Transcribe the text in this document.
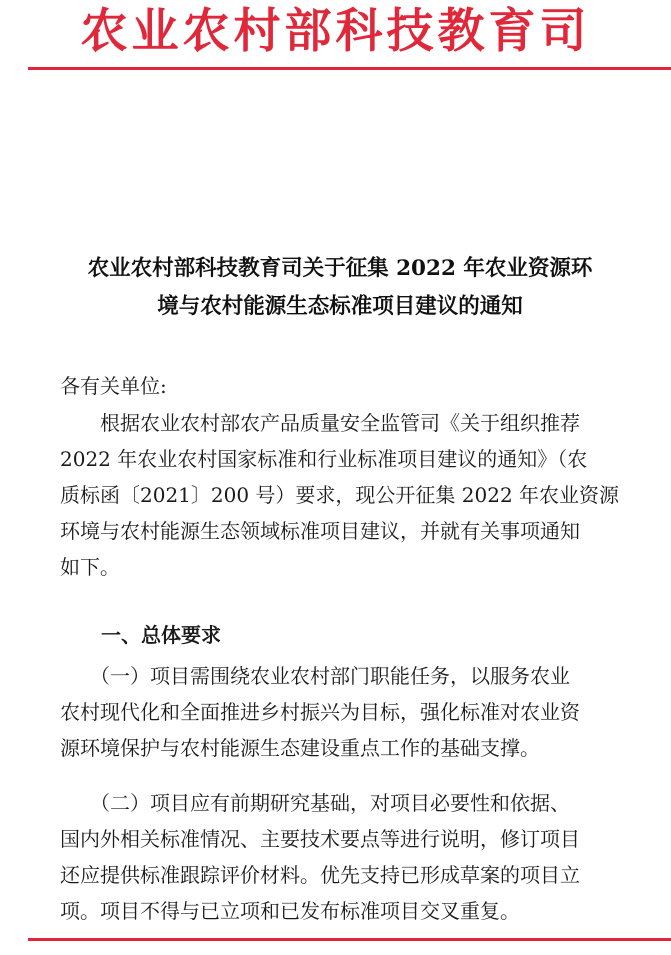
农业农村部科技教育司
农业农村部科技教育司关于征集 2022 年农业资源环
境与农村能源生态标准项目建议的通知
各有关单位:
　　根据农业农村部农产品质量安全监管司《关于组织推荐
2022 年农业农村国家标准和行业标准项目建议的通知》（农
质标函〔2021〕200 号）要求，现公开征集 2022 年农业资源
环境与农村能源生态领域标准项目建议，并就有关事项通知
如下。
一、总体要求
　　（一）项目需围绕农业农村部门职能任务，以服务农业
农村现代化和全面推进乡村振兴为目标，强化标准对农业资
源环境保护与农村能源生态建设重点工作的基础支撑。
　　（二）项目应有前期研究基础，对项目必要性和依据、
国内外相关标准情况、主要技术要点等进行说明，修订项目
还应提供标准跟踪评价材料。优先支持已形成草案的项目立
项。项目不得与已立项和已发布标准项目交叉重复。
